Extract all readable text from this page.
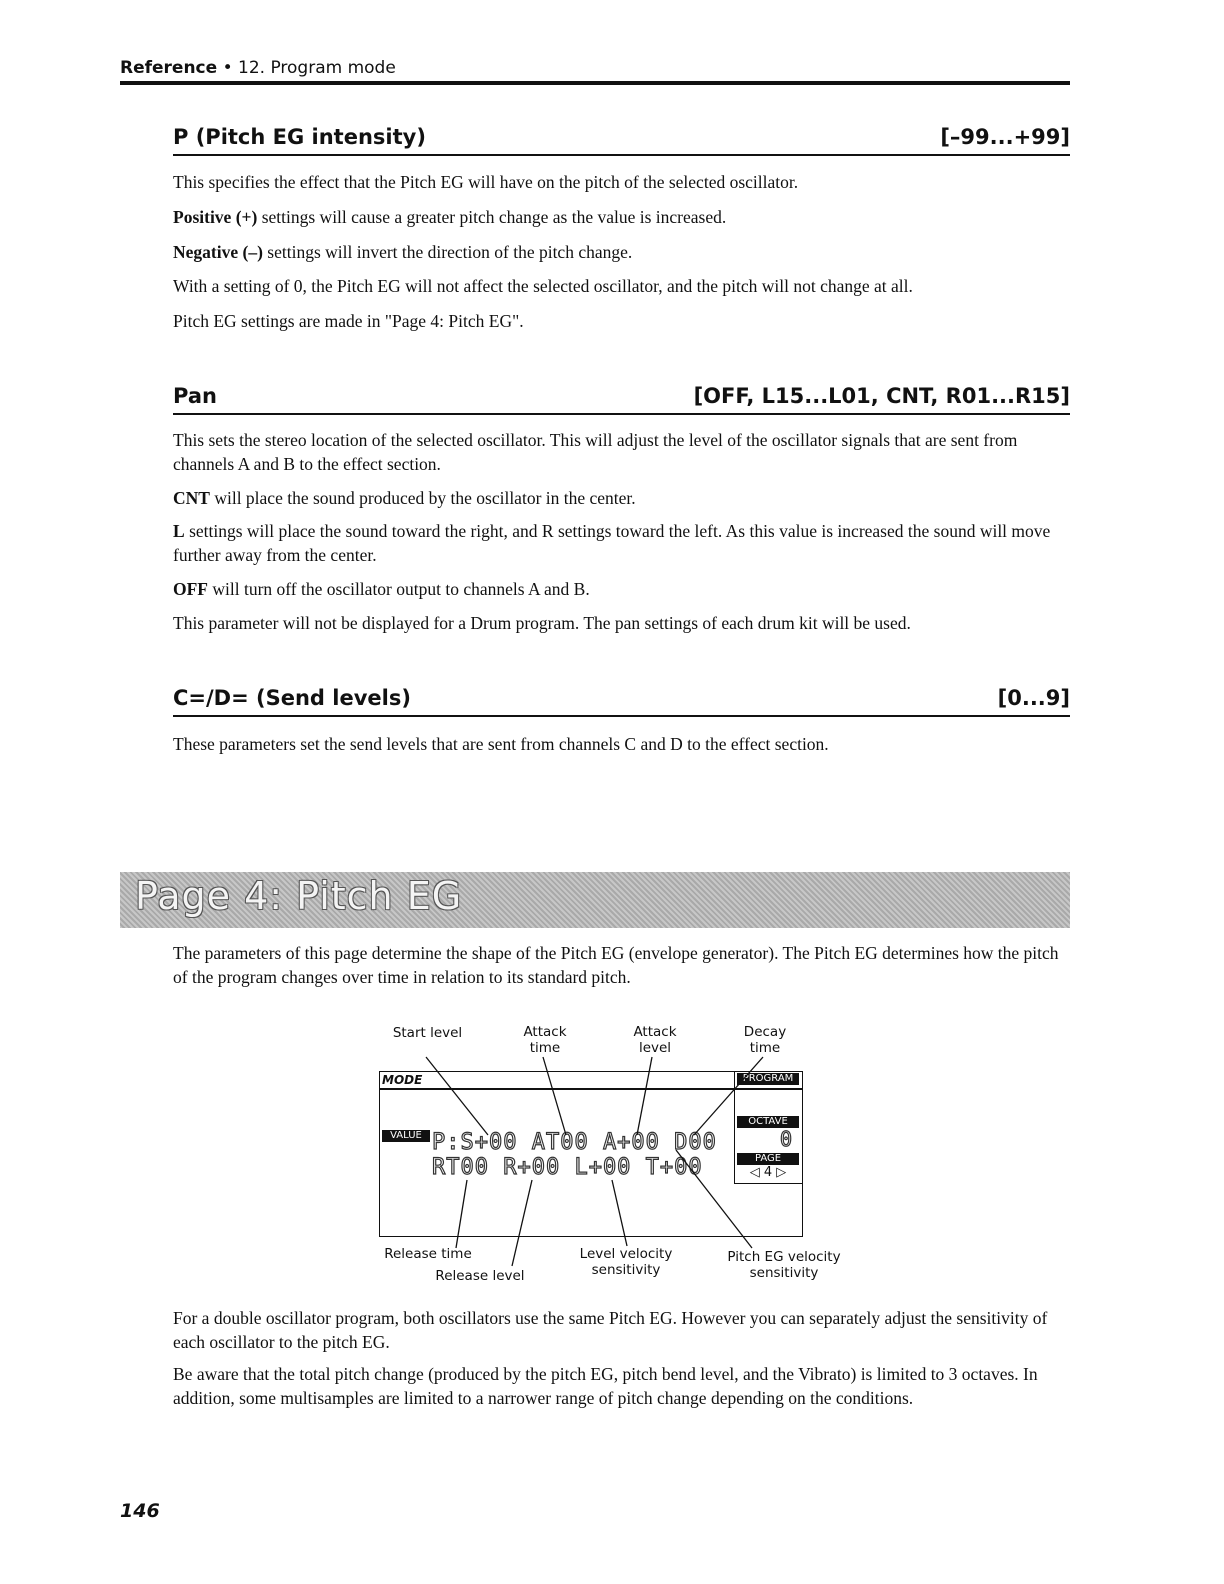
Reference • 12. Program mode
P (Pitch EG intensity)	[–99...+99]
This specifies the effect that the Pitch EG will have on the pitch of the selected oscillator.
Positive (+) settings will cause a greater pitch change as the value is increased.
Negative (–) settings will invert the direction of the pitch change.
With a setting of 0, the Pitch EG will not affect the selected oscillator, and the pitch will not change at all.
Pitch EG settings are made in "Page 4: Pitch EG".
Pan	[OFF, L15...L01, CNT, R01...R15]
This sets the stereo location of the selected oscillator. This will adjust the level of the oscillator signals that are sent from channels A and B to the effect section.
CNT will place the sound produced by the oscillator in the center.
L settings will place the sound toward the right, and R settings toward the left. As this value is increased the sound will move further away from the center.
OFF will turn off the oscillator output to channels A and B.
This parameter will not be displayed for a Drum program. The pan settings of each drum kit will be used.
C=/D= (Send levels)	[0...9]
These parameters set the send levels that are sent from channels C and D to the effect section.
Page 4: Pitch EG
The parameters of this page determine the shape of the Pitch EG (envelope generator). The Pitch EG determines how the pitch of the program changes over time in relation to its standard pitch.
Start level	Attack time
Attack level
Decay time
Release time
Release level
Level velocity sensitivity
Pitch EG velocity sensitivity
MODE	PROGRAM
OCTAVE
0
PAGE
◁ 4 ▷
VALUE P:S+00 AT00 A+00 D00
RT00 R+00 L+00 T+00
For a double oscillator program, both oscillators use the same Pitch EG. However you can separately adjust the sensitivity of each oscillator to the pitch EG.
Be aware that the total pitch change (produced by the pitch EG, pitch bend level, and the Vibrato) is limited to 3 octaves. In addition, some multisamples are limited to a narrower range of pitch change depending on the conditions.
146
